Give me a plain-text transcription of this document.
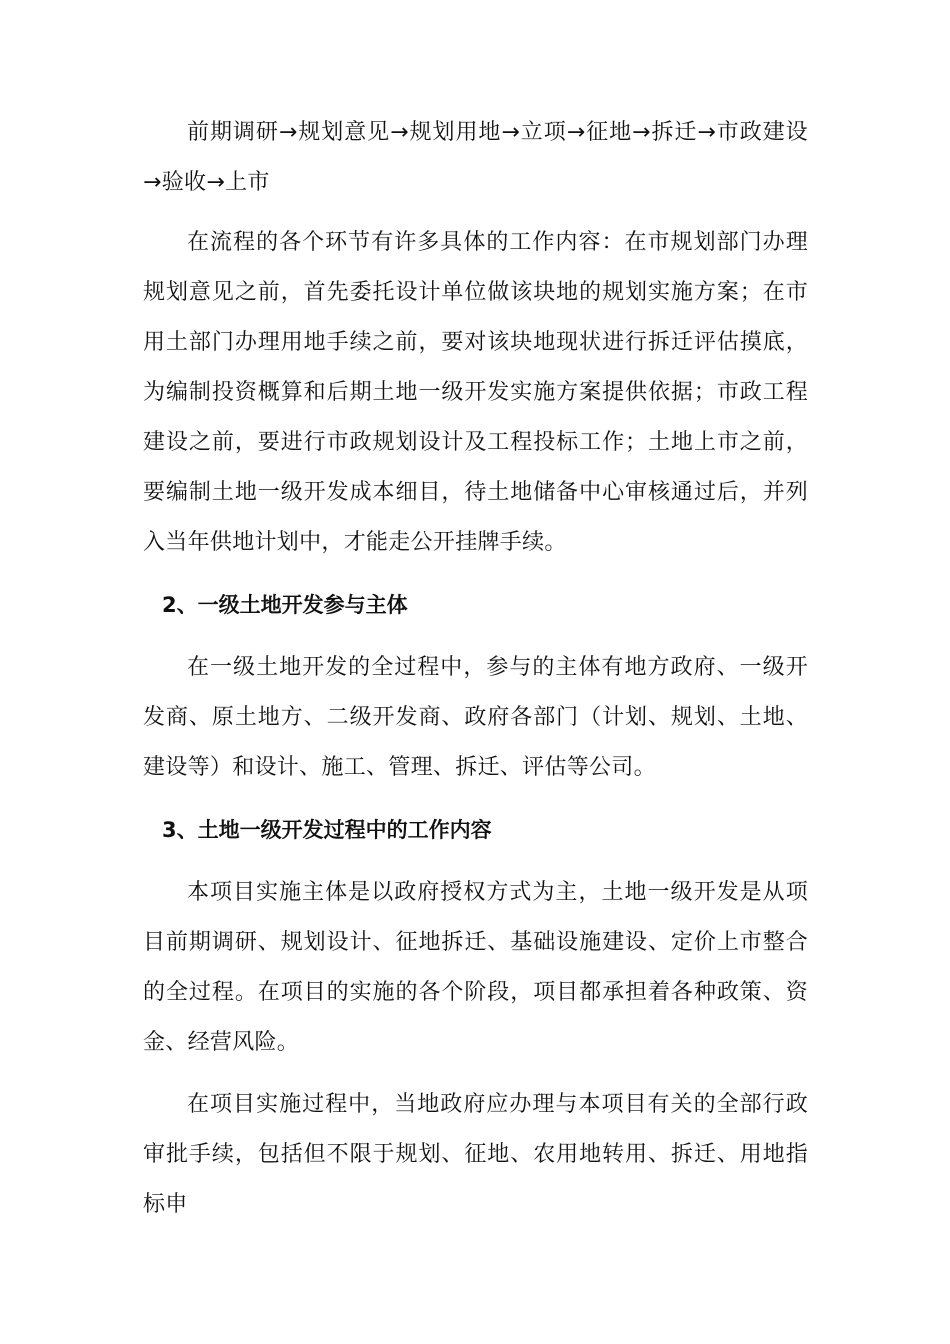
前期调研→规划意见→规划用地→立项→征地→拆迁→市政建设→验收→上市

在流程的各个环节有许多具体的工作内容：在市规划部门办理规划意见之前，首先委托设计单位做该块地的规划实施方案；在市用土部门办理用地手续之前，要对该块地现状进行拆迁评估摸底，为编制投资概算和后期土地一级开发实施方案提供依据；市政工程建设之前，要进行市政规划设计及工程投标工作；土地上市之前，要编制土地一级开发成本细目，待土地储备中心审核通过后，并列入当年供地计划中，才能走公开挂牌手续。

2、一级土地开发参与主体

在一级土地开发的全过程中，参与的主体有地方政府、一级开发商、原土地方、二级开发商、政府各部门（计划、规划、土地、建设等）和设计、施工、管理、拆迁、评估等公司。

3、土地一级开发过程中的工作内容

本项目实施主体是以政府授权方式为主，土地一级开发是从项目前期调研、规划设计、征地拆迁、基础设施建设、定价上市整合的全过程。在项目的实施的各个阶段，项目都承担着各种政策、资金、经营风险。

在项目实施过程中，当地政府应办理与本项目有关的全部行政审批手续，包括但不限于规划、征地、农用地转用、拆迁、用地指标申
